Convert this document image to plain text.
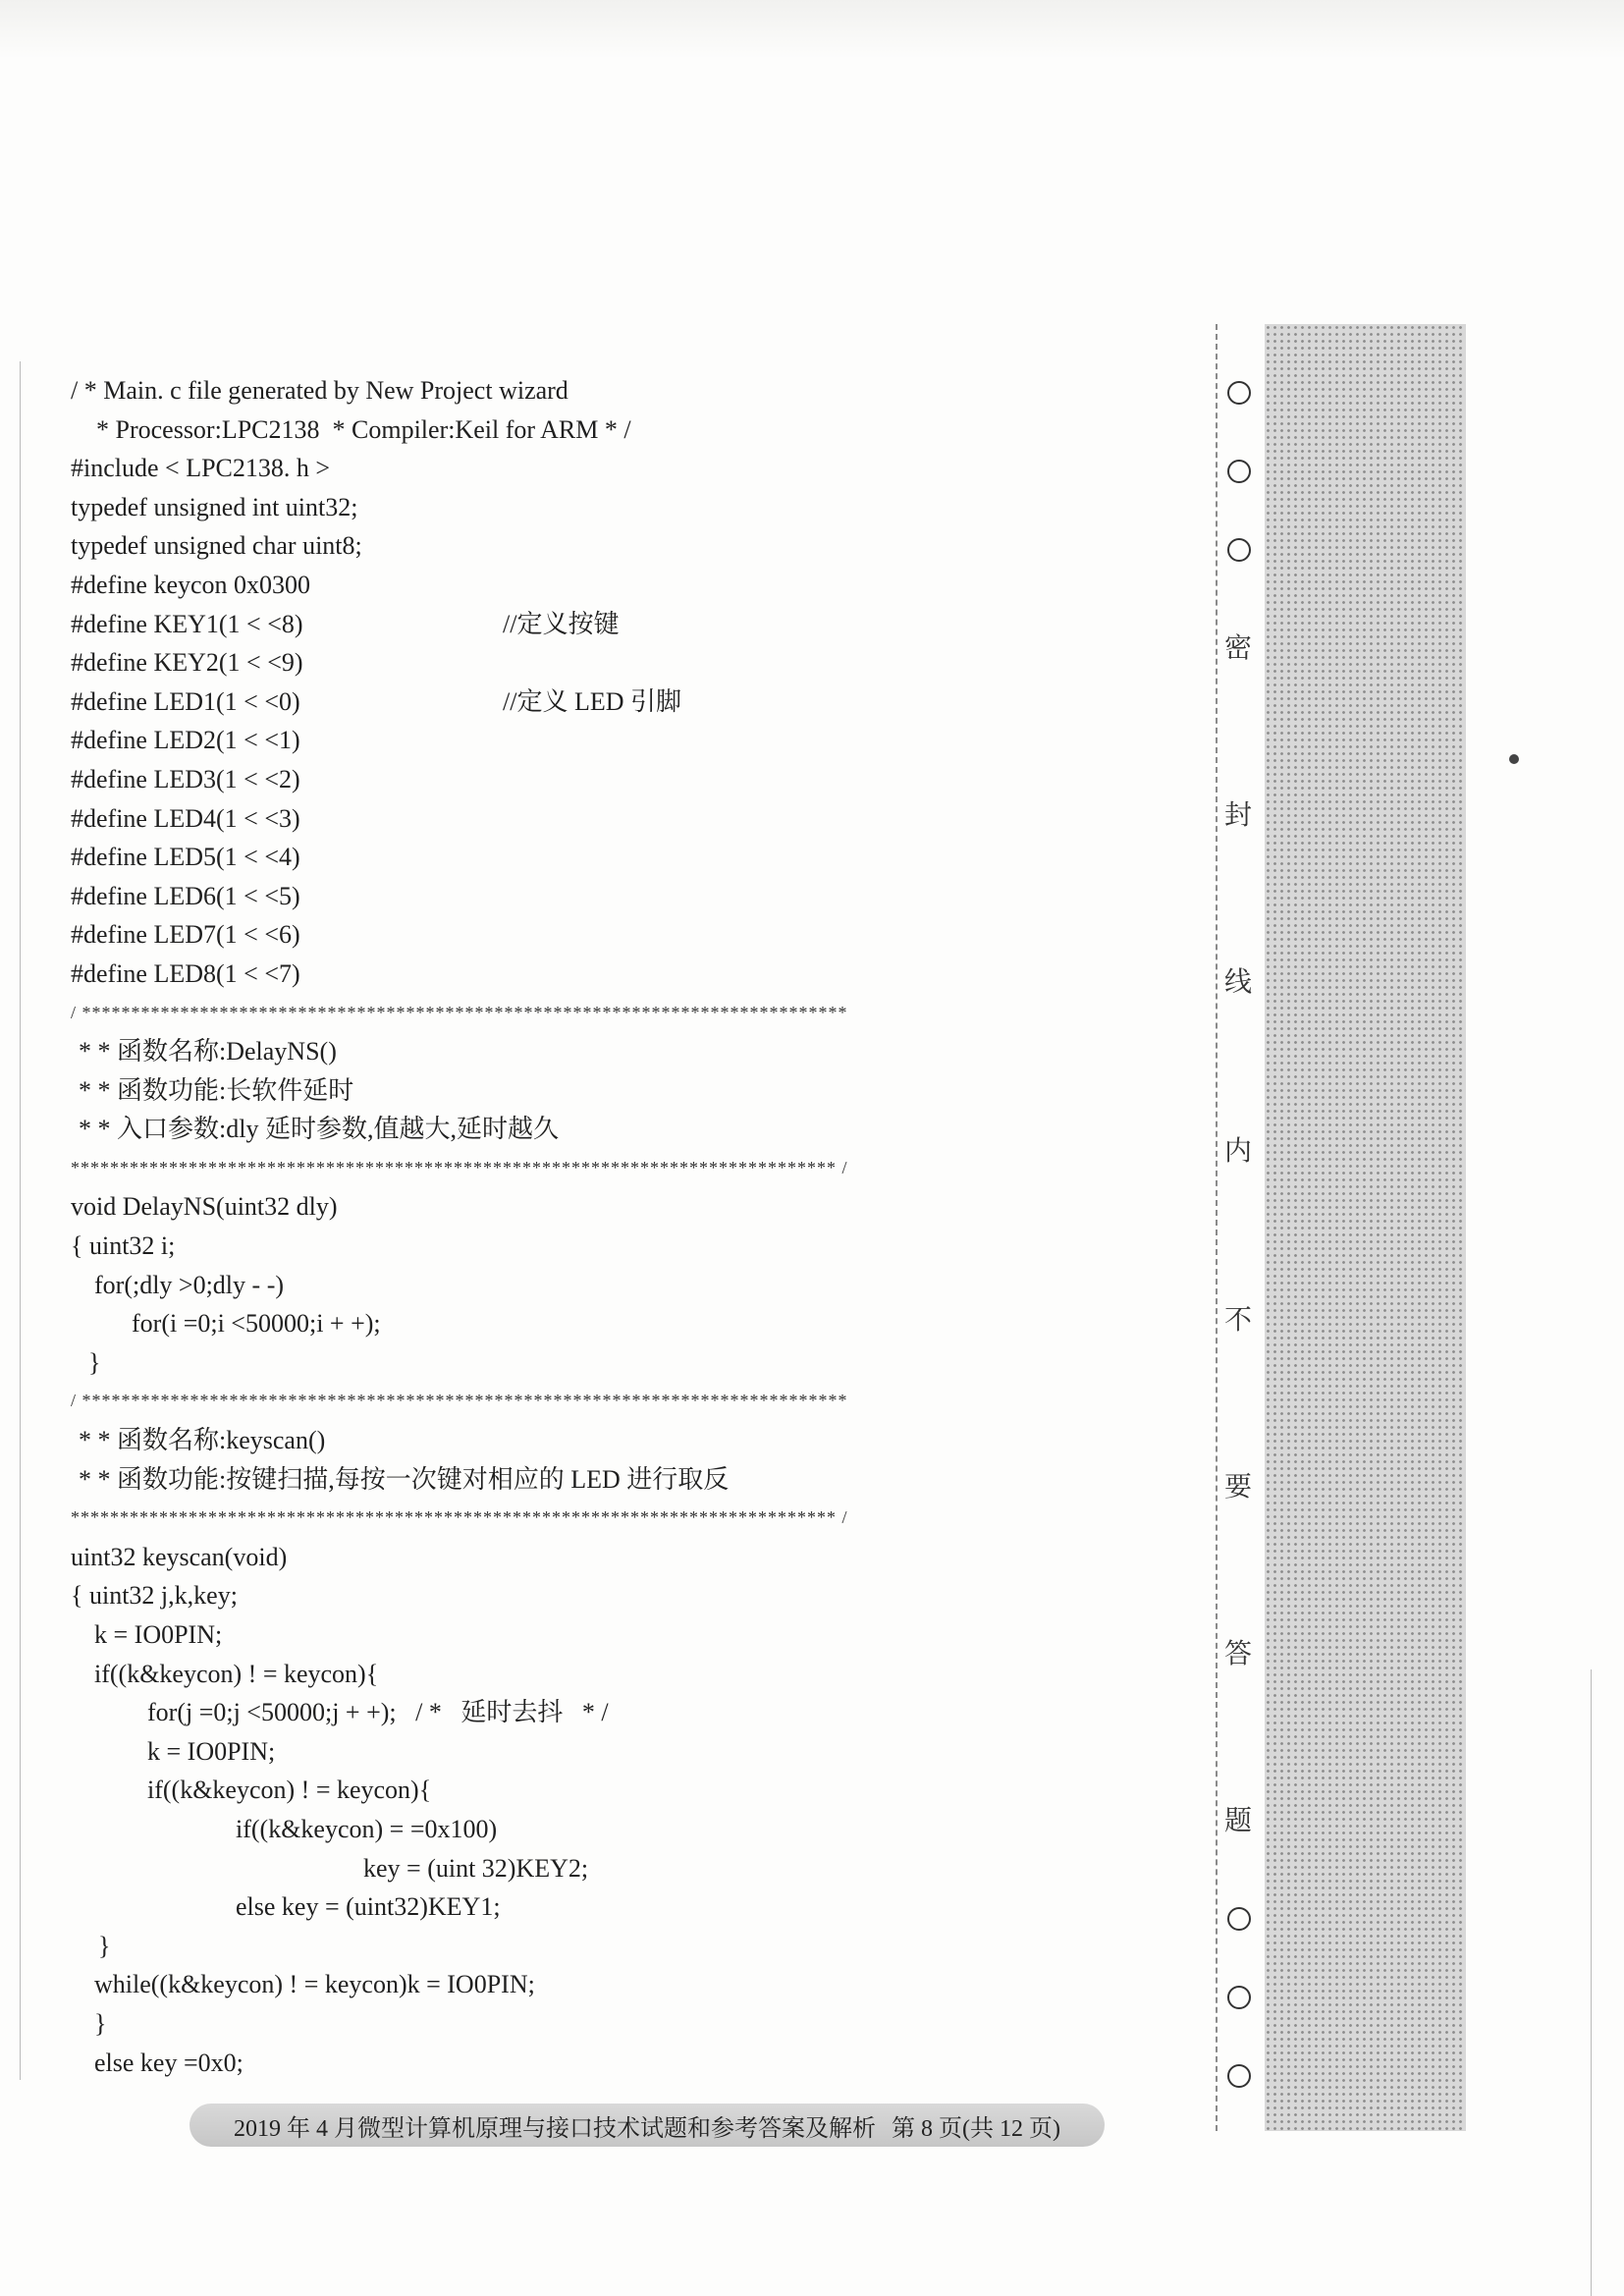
/ * Main. c file generated by New Project wizard
* Processor:LPC2138  * Compiler:Keil for ARM * /
#include < LPC2138. h >
typedef unsigned int uint32;
typedef unsigned char uint8;
#define keycon 0x0300
#define KEY1(1 < <8)	//定义按键
#define KEY2(1 < <9)
#define LED1(1 < <0)	//定义 LED 引脚
#define LED2(1 < <1)
#define LED3(1 < <2)
#define LED4(1 < <3)
#define LED5(1 < <4)
#define LED6(1 < <5)
#define LED7(1 < <6)
#define LED8(1 < <7)
/ ******************************************************************************
* * 函数名称:DelayNS()
* * 函数功能:长软件延时
* * 入口参数:dly 延时参数,值越大,延时越久
****************************************************************************** /
void DelayNS(uint32 dly)
{ uint32 i;
for(;dly >0;dly - -)
for(i =0;i <50000;i + +);
}
/ ******************************************************************************
* * 函数名称:keyscan()
* * 函数功能:按键扫描,每按一次键对相应的 LED 进行取反
****************************************************************************** /
uint32 keyscan(void)
{ uint32 j,k,key;
k = IO0PIN;
if((k&keycon) ! = keycon){
for(j =0;j <50000;j + +);   / *   延时去抖   * /
k = IO0PIN;
if((k&keycon) ! = keycon){
if((k&keycon) = =0x100)
key = (uint 32)KEY2;
else key = (uint32)KEY1;
}
while((k&keycon) ! = keycon)k = IO0PIN;
}
else key =0x0;
2019 年 4 月微型计算机原理与接口技术试题和参考答案及解析 第 8 页(共 12 页)
密
封
线
内
不
要
答
题
